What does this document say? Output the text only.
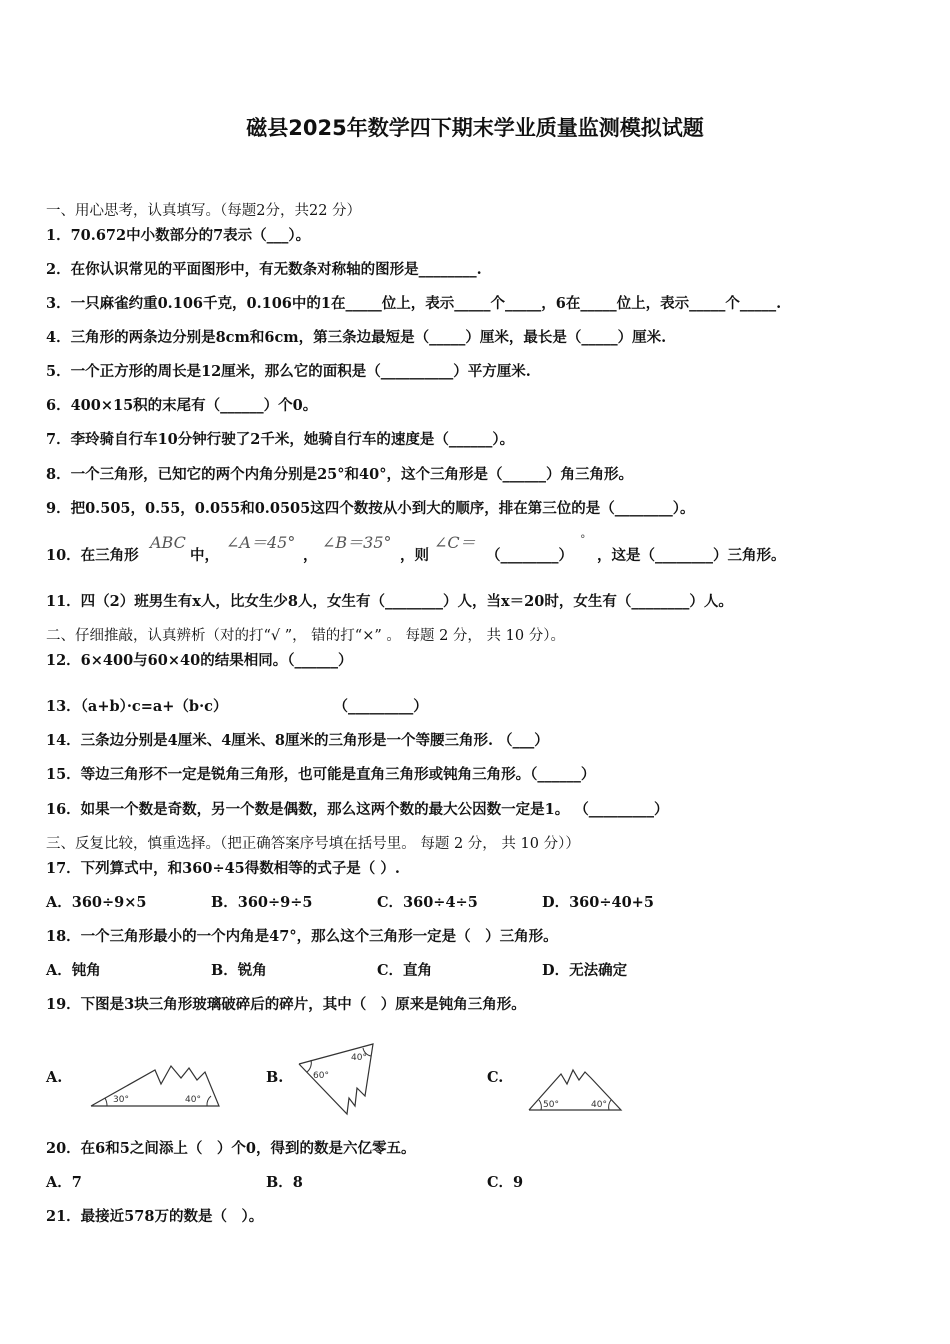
磁县2025年数学四下期末学业质量监测模拟试题
一、用心思考，认真填写。（每题2分，共22 分）
1．70.672中小数部分的7表示（___）。
2．在你认识常见的平面图形中，有无数条对称轴的图形是________.
3．一只麻雀约重0.106千克，0.106中的1在_____位上，表示_____个_____，6在_____位上，表示_____个_____.
4．三角形的两条边分别是8cm和6cm，第三条边最短是（_____）厘米，最长是（_____）厘米.
5．一个正方形的周长是12厘米，那么它的面积是（__________）平方厘米.
6．400×15积的末尾有（______）个0。
7．李玲骑自行车10分钟行驶了2千米，她骑自行车的速度是（______）。
8．一个三角形，已知它的两个内角分别是25°和40°，这个三角形是（______）角三角形。
9．把0.505，0.55，0.055和0.0505这四个数按从小到大的顺序，排在第三位的是（________）。
10．在三角形
ABC
中，
∠A＝45°
，
∠B＝35°
，则
∠C＝
（________）
°
，这是（________）三角形。
11．四（2）班男生有x人，比女生少8人，女生有（________）人，当x＝20时，女生有（________）人。
二、仔细推敲，认真辨析（对的打“√ ”， 错的打“×” 。 每题 2 分， 共 10 分）。
12．6×400与60×40的结果相同。（______）
13．（a+b）·c=a+（b·c）                     （_________）
14．三条边分别是4厘米、4厘米、8厘米的三角形是一个等腰三角形. （___）
15．等边三角形不一定是锐角三角形，也可能是直角三角形或钝角三角形。（______）
16．如果一个数是奇数，另一个数是偶数，那么这两个数的最大公因数一定是1。 （_________）
三、反复比较，慎重选择。（把正确答案序号填在括号里。 每题 2 分， 共 10 分））
17．下列算式中，和360÷45得数相等的式子是（ ）.
A．360÷9×5	B．360÷9÷5	C．360÷4÷5	D．360÷40+5
18．一个三角形最小的一个内角是47°，那么这个三角形一定是（　）三角形。
A．钝角	B．锐角	C．直角	D．无法确定
19．下图是3块三角形玻璃破碎后的碎片，其中（　）原来是钝角三角形。
A.
30°	40°
B.	60°
40°
C.
50°	40°
20．在6和5之间添上（　）个0，得到的数是六亿零五。
A．7	B．8	C．9
21．最接近578万的数是（　）。
